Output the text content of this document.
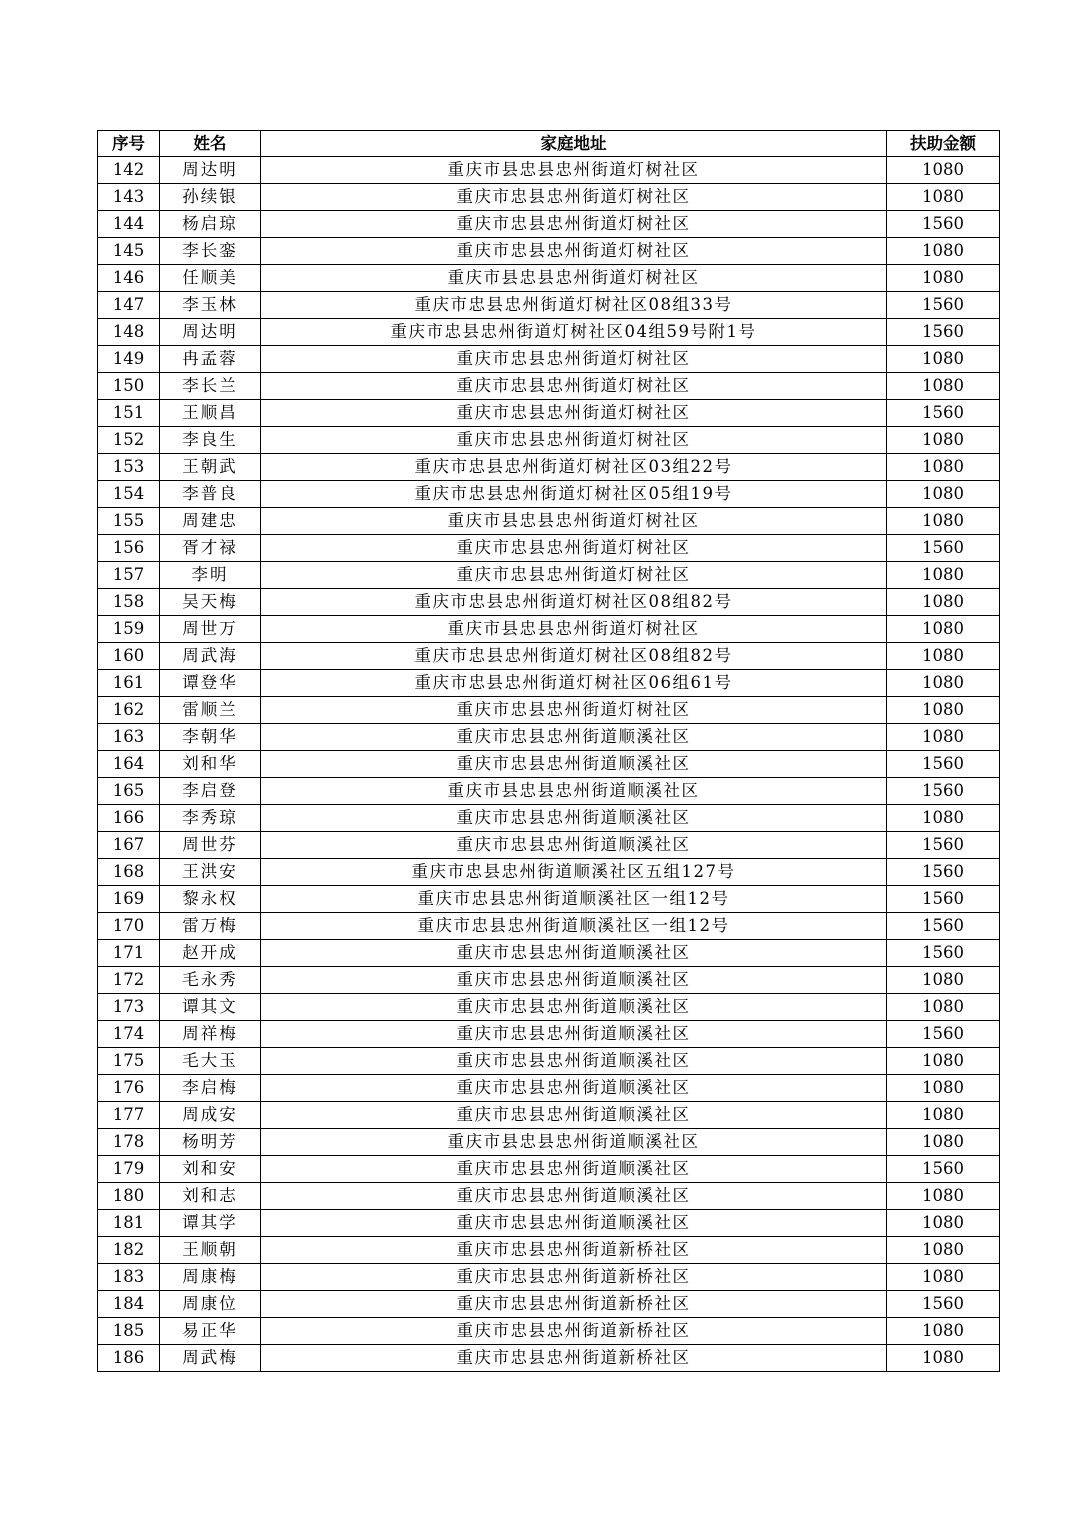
序号	姓名	家庭地址	扶助金额
142	周达明	重庆市县忠县忠州街道灯树社区	1080
143	孙续银	重庆市忠县忠州街道灯树社区	1080
144	杨启琼	重庆市忠县忠州街道灯树社区	1560
145	李长銮	重庆市忠县忠州街道灯树社区	1080
146	任顺美	重庆市县忠县忠州街道灯树社区	1080
147	李玉林	重庆市忠县忠州街道灯树社区08组33号	1560
148	周达明	重庆市忠县忠州街道灯树社区04组59号附1号	1560
149	冉孟蓉	重庆市忠县忠州街道灯树社区	1080
150	李长兰	重庆市忠县忠州街道灯树社区	1080
151	王顺昌	重庆市忠县忠州街道灯树社区	1560
152	李良生	重庆市忠县忠州街道灯树社区	1080
153	王朝武	重庆市忠县忠州街道灯树社区03组22号	1080
154	李普良	重庆市忠县忠州街道灯树社区05组19号	1080
155	周建忠	重庆市县忠县忠州街道灯树社区	1080
156	胥才禄	重庆市忠县忠州街道灯树社区	1560
157	李明	重庆市忠县忠州街道灯树社区	1080
158	吴天梅	重庆市忠县忠州街道灯树社区08组82号	1080
159	周世万	重庆市县忠县忠州街道灯树社区	1080
160	周武海	重庆市忠县忠州街道灯树社区08组82号	1080
161	谭登华	重庆市忠县忠州街道灯树社区06组61号	1080
162	雷顺兰	重庆市忠县忠州街道灯树社区	1080
163	李朝华	重庆市忠县忠州街道顺溪社区	1080
164	刘和华	重庆市忠县忠州街道顺溪社区	1560
165	李启登	重庆市县忠县忠州街道顺溪社区	1560
166	李秀琼	重庆市忠县忠州街道顺溪社区	1080
167	周世芬	重庆市忠县忠州街道顺溪社区	1560
168	王洪安	重庆市忠县忠州街道顺溪社区五组127号	1560
169	黎永权	重庆市忠县忠州街道顺溪社区一组12号	1560
170	雷万梅	重庆市忠县忠州街道顺溪社区一组12号	1560
171	赵开成	重庆市忠县忠州街道顺溪社区	1560
172	毛永秀	重庆市忠县忠州街道顺溪社区	1080
173	谭其文	重庆市忠县忠州街道顺溪社区	1080
174	周祥梅	重庆市忠县忠州街道顺溪社区	1560
175	毛大玉	重庆市忠县忠州街道顺溪社区	1080
176	李启梅	重庆市忠县忠州街道顺溪社区	1080
177	周成安	重庆市忠县忠州街道顺溪社区	1080
178	杨明芳	重庆市县忠县忠州街道顺溪社区	1080
179	刘和安	重庆市忠县忠州街道顺溪社区	1560
180	刘和志	重庆市忠县忠州街道顺溪社区	1080
181	谭其学	重庆市忠县忠州街道顺溪社区	1080
182	王顺朝	重庆市忠县忠州街道新桥社区	1080
183	周康梅	重庆市忠县忠州街道新桥社区	1080
184	周康位	重庆市忠县忠州街道新桥社区	1560
185	易正华	重庆市忠县忠州街道新桥社区	1080
186	周武梅	重庆市忠县忠州街道新桥社区	1080
